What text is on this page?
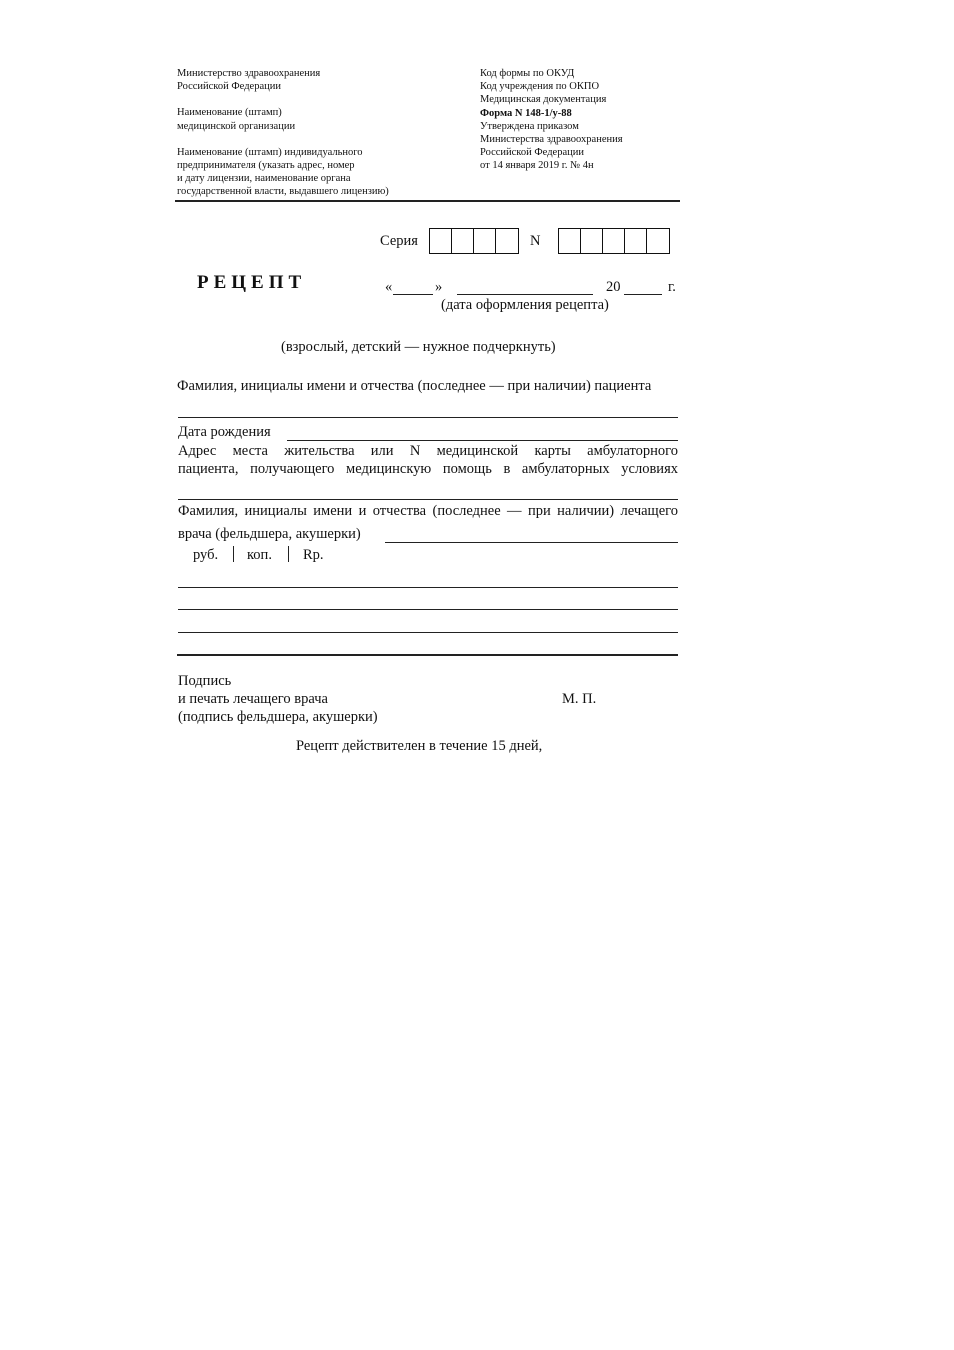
Министерство здравоохранения

Российской Федерации

Наименование (штамп)

медицинской организации

Наименование (штамп) индивидуального

предпринимателя (указать адрес, номер

и дату лицензии, наименование органа

государственной власти, выдавшего лицензию)

Код формы по ОКУД

Код учреждения по ОКПО

Медицинская документация

Форма N 148-1/у-88

Утверждена приказом

Министерства здравоохранения

Российской Федерации

от 14 января 2019 г. № 4н

Серия	N
РЕЦЕПТ	«	»	20	г.
(дата оформления рецепта)
(взрослый, детский — нужное подчеркнуть)
Фамилия, инициалы имени и отчества (последнее — при наличии) пациента
Дата рождения
Адрес места жительства или N медицинской карты амбулаторного
пациента, получающего медицинскую помощь в амбулаторных условиях
Фамилия, инициалы имени и отчества (последнее — при наличии) лечащего
врача (фельдшера, акушерки)
руб. коп. Rp.
Подпись
и печать лечащего врача
(подпись фельдшера, акушерки)
М. П.
Рецепт действителен в течение 15 дней,
